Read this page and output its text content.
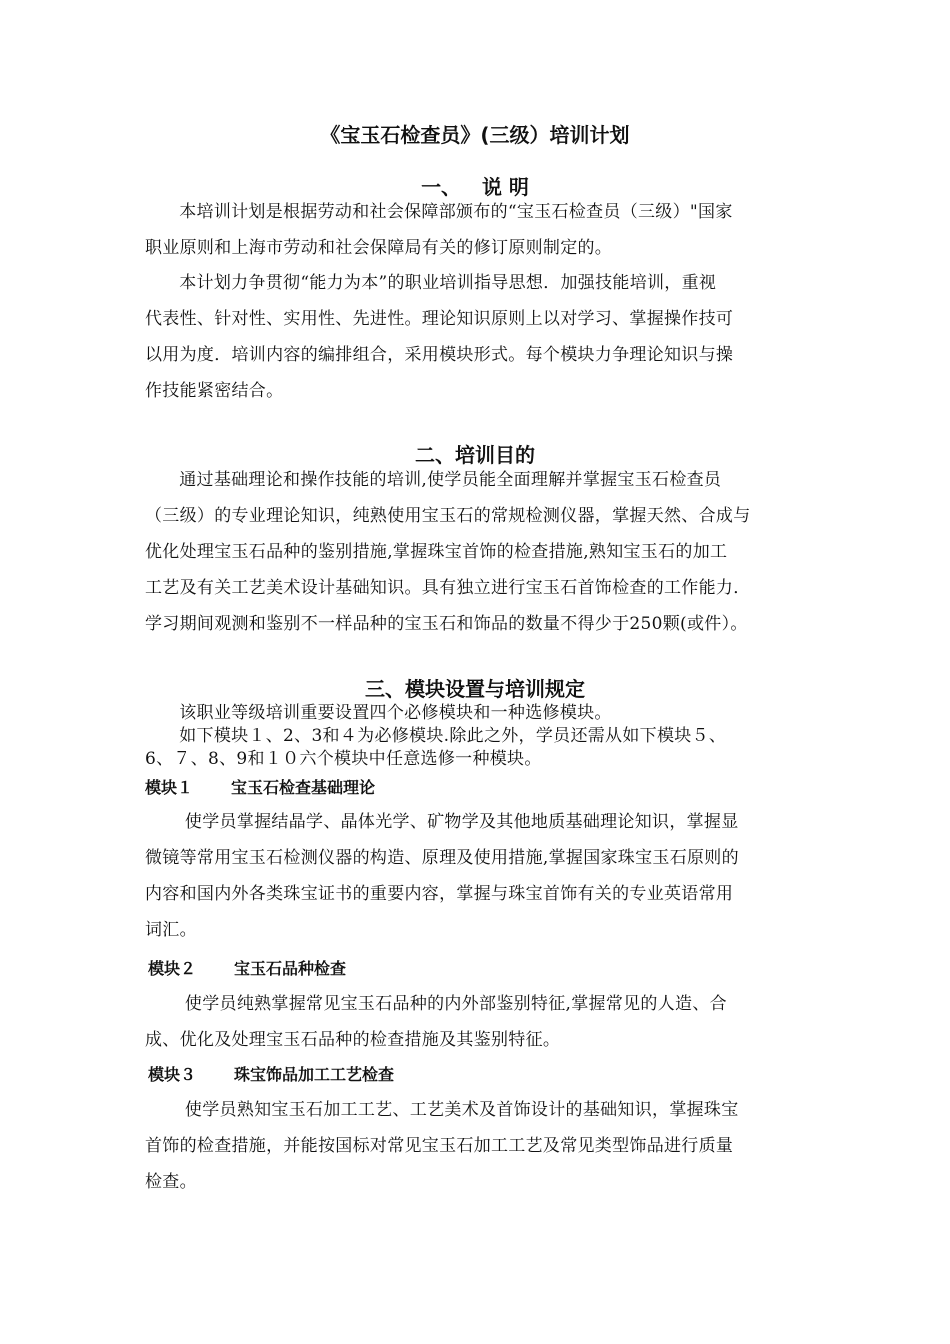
《宝玉石检查员》(三级）培训计划
一、   说 明
本培训计划是根据劳动和社会保障部颁布的“宝玉石检查员（三级）"国家
职业原则和上海市劳动和社会保障局有关的修订原则制定的。
本计划力争贯彻“能力为本”的职业培训指导思想．加强技能培训，重视
代表性、针对性、实用性、先进性。理论知识原则上以对学习、掌握操作技可
以用为度．培训内容的编排组合，采用模块形式。每个模块力争理论知识与操
作技能紧密结合。
二、培训目的
通过基础理论和操作技能的培训,使学员能全面理解并掌握宝玉石检查员
（三级）的专业理论知识，纯熟使用宝玉石的常规检测仪器，掌握天然、合成与
优化处理宝玉石品种的鉴别措施,掌握珠宝首饰的检查措施,熟知宝玉石的加工
工艺及有关工艺美术设计基础知识。具有独立进行宝玉石首饰检查的工作能力．
学习期间观测和鉴别不一样品种的宝玉石和饰品的数量不得少于250颗(或件）。
三、模块设置与培训规定
该职业等级培训重要设置四个必修模块和一种选修模块。
如下模块１、2、3和４为必修模块.除此之外，学员还需从如下模块５、
6、７、8、9和１０六个模块中任意选修一种模块。
模块１ 宝玉石检查基础理论
使学员掌握结晶学、晶体光学、矿物学及其他地质基础理论知识，掌握显
微镜等常用宝玉石检测仪器的构造、原理及使用措施,掌握国家珠宝玉石原则的
内容和国内外各类珠宝证书的重要内容，掌握与珠宝首饰有关的专业英语常用
词汇。
模块２ 宝玉石品种检查
使学员纯熟掌握常见宝玉石品种的内外部鉴别特征,掌握常见的人造、合
成、优化及处理宝玉石品种的检查措施及其鉴别特征。
模块３ 珠宝饰品加工工艺检查
使学员熟知宝玉石加工工艺、工艺美术及首饰设计的基础知识，掌握珠宝
首饰的检查措施，并能按国标对常见宝玉石加工工艺及常见类型饰品进行质量
检查。
